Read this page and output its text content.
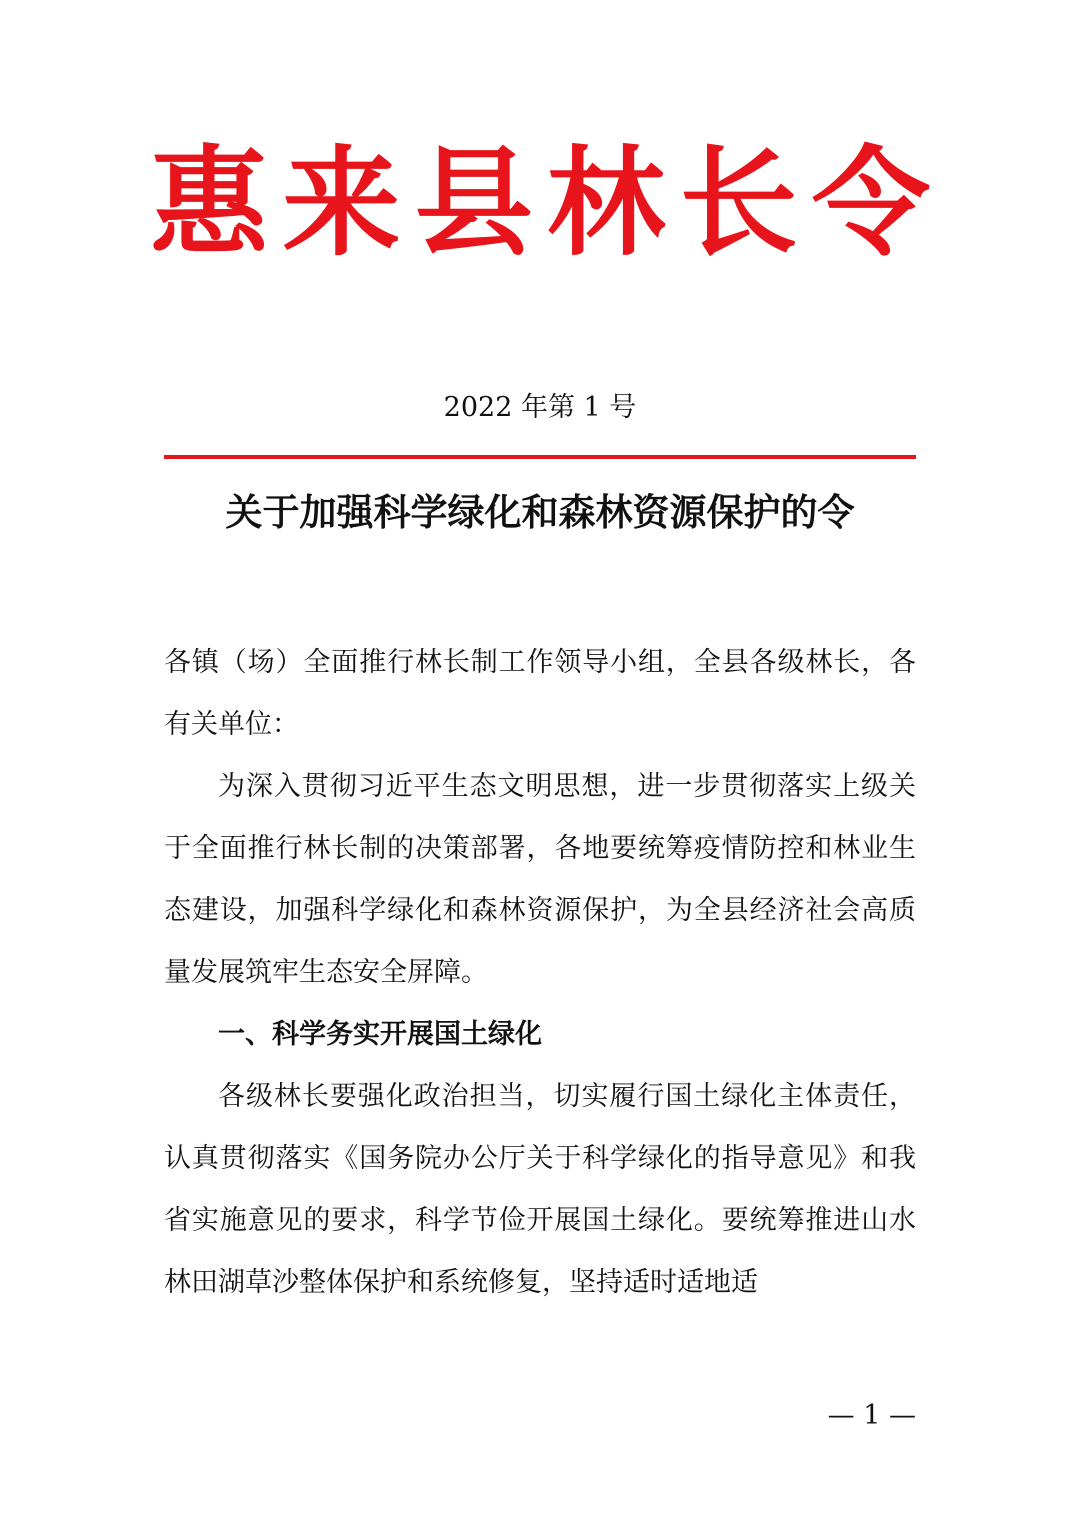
惠 来 县 林 长 令
2022 年第 1 号
关于加强科学绿化和森林资源保护的令

各镇（场）全面推行林长制工作领导小组，全县各级林长，各有关单位：

为深入贯彻习近平生态文明思想，进一步贯彻落实上级关于全面推行林长制的决策部署，各地要统筹疫情防控和林业生态建设，加强科学绿化和森林资源保护，为全县经济社会高质量发展筑牢生态安全屏障。

一、科学务实开展国土绿化

各级林长要强化政治担当，切实履行国土绿化主体责任，认真贯彻落实《国务院办公厅关于科学绿化的指导意见》和我省实施意见的要求，科学节俭开展国土绿化。要统筹推进山水林田湖草沙整体保护和系统修复，坚持适时适地适

— 1 —
